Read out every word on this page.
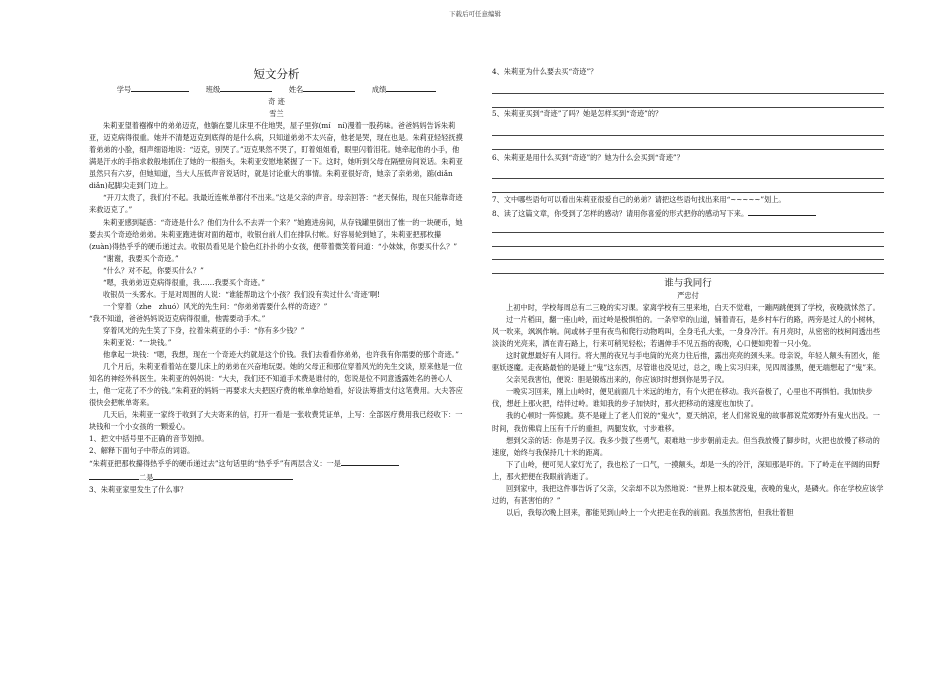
下载后可任意编辑

短文分析

学号　　	班级　　	姓名　　	成绩

奇 迹

雪兰

朱莉亚望着襁褓中的弟弟迈克，他躺在婴儿床里不住地哭，屋子里弥(mí　ní)漫着一股药味。爸爸妈妈告诉朱莉亚，迈克病得很重。她并不清楚迈克到底得的是什么病，只知道弟弟不太兴奋，他老是哭，现在也是。朱莉亚轻轻抚摸着弟弟的小脸，细声细语地说：“迈克，别哭了。”迈克果然不哭了，盯着姐姐看，眼里闪着泪花。她牵起他的小手，他满是汗水的手指求救般地抓住了她的一根指头，朱莉亚安慰地紧握了一下。这时，她听到父母在隔壁房间说话。朱莉亚虽然只有六岁，但她知道，当大人压低声音说话时，就是讨论重大的事情。朱莉亚很好奇，她亲了亲弟弟，踮(diǎn

diǎn)起脚尖走到门边上。

“开刀太贵了，我们付不起。我最近连帐单都付不出来。”这是父亲的声音。母亲回答：“老天保佑，现在只能靠奇迹来救迈克了。”

朱莉亚感到疑惑：“奇迹是什么？他们为什么不去弄一个来？”她跑进房间，从存钱罐里倒出了惟一的一块硬币，她要去买个奇迹给弟弟。朱莉亚跑进街对面的超市，收银台前人们在排队付帐。好容易轮到她了，朱莉亚把那枚攥(zuàn)得热乎乎的硬币递过去。收银员看见是个脸色红扑扑的小女孩，便带着微笑着问道：“小妹妹，你要买什么？”

“谢谢，我要买个奇迹。”

“什么？对不起，你要买什么？”

“嗯，我弟弟迈克病得很重，我……我要买个奇迹。”

收银员一头雾水。于是对周围的人说：“谁能帮助这个小孩？我们没有卖过什么‘奇迹’啊!

一个穿着（zhe　zhuó）风光的先生问：“你弟弟需要什么样的奇迹？”

“我不知道，爸爸妈妈说迈克病得很重，他需要动手术。”

穿着风光的先生笑了下身，拉着朱莉亚的小手：“你有多少钱？”

朱莉亚说：“一块钱。”

他拿起一块钱：“嗯，我想，现在一个奇迹大约就是这个价钱。我们去看看你弟弟，也许我有你需要的那个奇迹。”

几个月后，朱莉亚看着站在婴儿床上的弟弟在兴奋地玩耍。她的父母正和那位穿着风光的先生交谈，原来他是一位知名的神经外科医生。朱莉亚的妈妈说：“大夫，我们还不知道手术费是谁付的，您说是位不同意透露姓名的善心人士，他一定花了不少的钱。”朱莉亚的妈妈一再要求大夫把医疗费的帐单拿给她看，好设法筹措支付这笔费用。大夫答应很快会把帐单寄来。

几天后，朱莉亚一家终于收到了大夫寄来的信，打开一看是一张收费凭证单，上写：全部医疗费用我已经收下：一块钱和一个小女孩的一颗爱心。

1、把文中括号里不正确的音节划掉。

2、解释下面句子中带点的词语。

“朱莉亚把那枚攥得热乎乎的硬币递过去”这句话里的“热乎乎”有两层含义：一是

二是

3、朱莉亚家里发生了什么事？

4、朱莉亚为什么要去买“奇迹”？

5、朱莉亚买到“奇迹”了吗？她是怎样买到“奇迹”的？

6、朱莉亚是用什么买到“奇迹”的？她为什么会买到“奇迹”？

7、文中哪些语句可以看出朱莉亚很爱自己的弟弟？请把这些语句找出来用“~~~~~”划上。

8、读了这篇文章，你受到了怎样的感动？请用你喜爱的形式把你的感动写下来。

谁与我同行

严忠付

上初中时，学校每周总有二三晚的实习课。家离学校有三里来地，白天不觉难，一蹦两跳便到了学校，夜晚就怵然了。

过一片稻田，翻一座山岭，而过岭是极惧怕的。一条窄窄的山道，铺着青石，是乡村车行的路，两旁是过人的小树林，风一吹来，飒飒作响。间或林子里有夜鸟和爬行动物鸣叫，全身毛孔大张，一身身冷汗。有月亮时，从密密的枝柯间透出些淡淡的光亮来，洒在青石路上，行来可稍见轻松；若遇伸手不见五指的夜晚，心口便如兜着一只小兔。

这时就想最好有人同行。将大黑的夜兄与手电筒的光亮力往后推，露出亮亮的颈头来。母亲说，年轻人额头有团火，能驱妖逐魔。走夜路最怕的是碰上“鬼”这东西，尽管谁也没见过，总之，晚上实习归来，见四周漆黑，便无端想起了“鬼”来。

父亲见我害怕，便说：胆是锻炼出来的，你应该时时想到你是男子汉。

一晚实习回来，刚上山岭时，便见前面几十米远的地方，有个火把在移动。我兴奋极了，心里也不再惧怕。我加快步伐，想赶上那火把，结伴过岭。谁知我的步子加快时，那火把移动的速度也加快了。

我的心顿时一阵惊跳。莫不是碰上了老人们说的“鬼火”，夏天纳凉，老人们常说鬼的故事都说荒郊野外有鬼火出没。一时间，我仿佛肩上压有千斤的重担，两腿发软，寸步难移。

想到父亲的话：你是男子汉。我多少鼓了些勇气，艰难地一步步朝前走去。但当我放慢了脚步时，火把也放慢了移动的速度，始终与我保持几十米的距离。

下了山岭，便可见人家灯光了，我也松了一口气，一摸额头，却是一头的冷汗，深知那是吓的。下了岭走在平阔的田野上，那火把便在我眼前消逝了。

回到家中，我把这件事告诉了父亲，父亲却不以为然地说：“世界上根本就没鬼，夜晚的鬼火，是磷火。你在学校应该学过的，有甚害怕的？”

以后，我每次晚上回来，都能见到山岭上一个火把走在我的前面。我虽然害怕，但我壮着胆
